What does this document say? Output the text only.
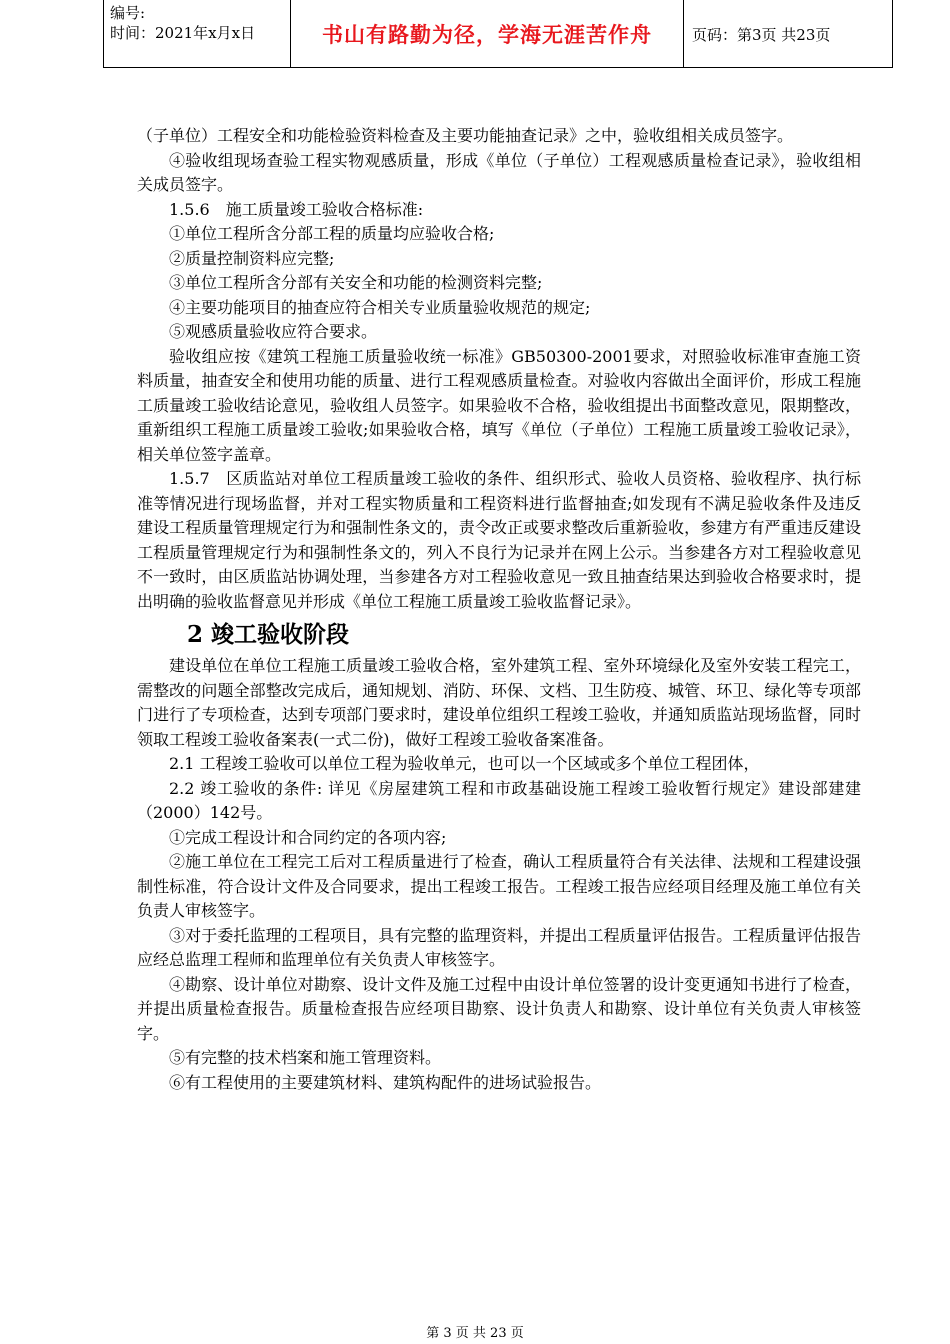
编号:
时间：2021年x月x日	书山有路勤为径，学海无涯苦作舟	页码：第3页 共23页

（子单位）工程安全和功能检验资料检查及主要功能抽查记录》之中，验收组相关成员签字。

④验收组现场查验工程实物观感质量，形成《单位（子单位）工程观感质量检查记录》，验收组相关成员签字。

1.5.6　施工质量竣工验收合格标准:

①单位工程所含分部工程的质量均应验收合格;

②质量控制资料应完整;

③单位工程所含分部有关安全和功能的检测资料完整;

④主要功能项目的抽查应符合相关专业质量验收规范的规定;

⑤观感质量验收应符合要求。

验收组应按《建筑工程施工质量验收统一标准》GB50300-2001要求，对照验收标准审查施工资料质量，抽查安全和使用功能的质量、进行工程观感质量检查。对验收内容做出全面评价，形成工程施工质量竣工验收结论意见，验收组人员签字。如果验收不合格，验收组提出书面整改意见，限期整改，重新组织工程施工质量竣工验收;如果验收合格，填写《单位（子单位）工程施工质量竣工验收记录》，相关单位签字盖章。

1.5.7　区质监站对单位工程质量竣工验收的条件、组织形式、验收人员资格、验收程序、执行标准等情况进行现场监督，并对工程实物质量和工程资料进行监督抽查;如发现有不满足验收条件及违反建设工程质量管理规定行为和强制性条文的，责令改正或要求整改后重新验收，参建方有严重违反建设工程质量管理规定行为和强制性条文的，列入不良行为记录并在网上公示。当参建各方对工程验收意见不一致时，由区质监站协调处理，当参建各方对工程验收意见一致且抽查结果达到验收合格要求时，提出明确的验收监督意见并形成《单位工程施工质量竣工验收监督记录》。

2 竣工验收阶段

建设单位在单位工程施工质量竣工验收合格，室外建筑工程、室外环境绿化及室外安装工程完工，需整改的问题全部整改完成后，通知规划、消防、环保、文档、卫生防疫、城管、环卫、绿化等专项部门进行了专项检查，达到专项部门要求时，建设单位组织工程竣工验收，并通知质监站现场监督，同时领取工程竣工验收备案表(一式二份)，做好工程竣工验收备案准备。

2.1 工程竣工验收可以单位工程为验收单元，也可以一个区域或多个单位工程团体，

2.2 竣工验收的条件: 详见《房屋建筑工程和市政基础设施工程竣工验收暂行规定》建设部建建（2000）142号。

①完成工程设计和合同约定的各项内容;

②施工单位在工程完工后对工程质量进行了检查，确认工程质量符合有关法律、法规和工程建设强制性标准，符合设计文件及合同要求，提出工程竣工报告。工程竣工报告应经项目经理及施工单位有关负责人审核签字。

③对于委托监理的工程项目，具有完整的监理资料，并提出工程质量评估报告。工程质量评估报告应经总监理工程师和监理单位有关负责人审核签字。

④勘察、设计单位对勘察、设计文件及施工过程中由设计单位签署的设计变更通知书进行了检查，并提出质量检查报告。质量检查报告应经项目勘察、设计负责人和勘察、设计单位有关负责人审核签字。

⑤有完整的技术档案和施工管理资料。

⑥有工程使用的主要建筑材料、建筑构配件的进场试验报告。

第 3 页 共 23 页
